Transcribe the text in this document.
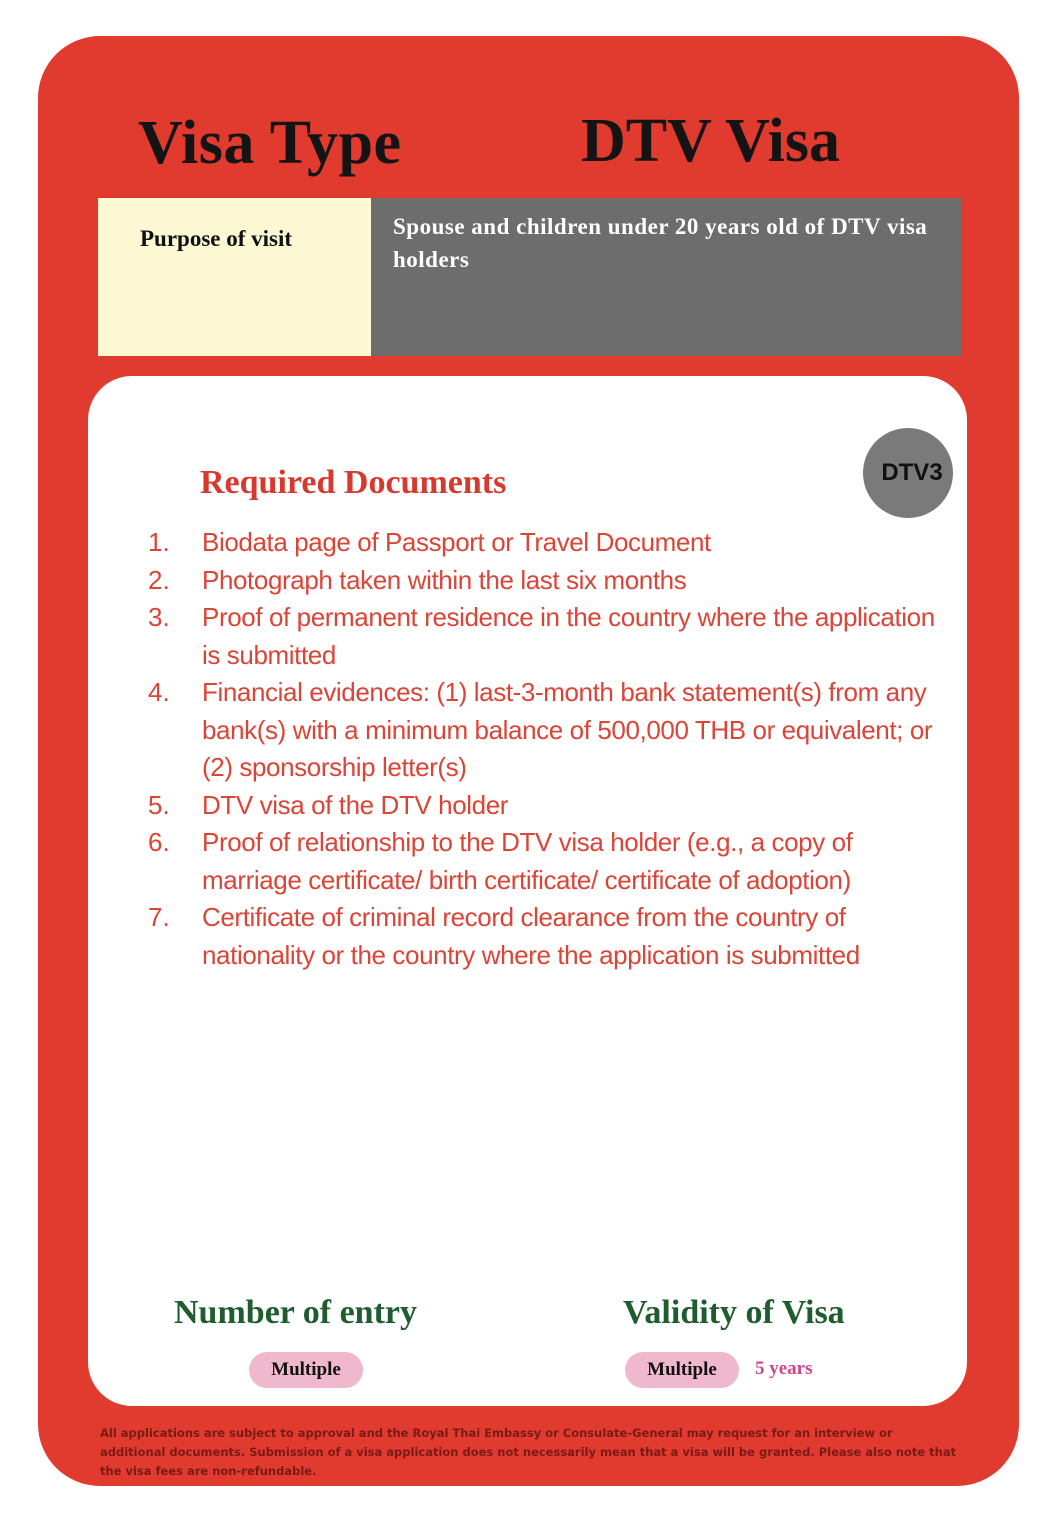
Visa Type	DTV Visa
Purpose of visit	Spouse and children under 20 years old of DTV visa holders
DTV3
Required Documents
1.	Biodata page of Passport or Travel Document
2.	Photograph taken within the last six months
3.	Proof of permanent residence in the country where the application is submitted
4.	Financial evidences: (1) last-3-month bank statement(s) from any bank(s) with a minimum balance of 500,000 THB or equivalent; or (2) sponsorship letter(s)
5.	DTV visa of the DTV holder
6.	Proof of relationship to the DTV visa holder (e.g., a copy of marriage certificate/ birth certificate/ certificate of adoption)
7.	Certificate of criminal record clearance from the country of nationality or the country where the application is submitted
Number of entry
Multiple
Validity of Visa
Multiple	5 years
All applications are subject to approval and the Royal Thai Embassy or Consulate-General may request for an interview or additional documents. Submission of a visa application does not necessarily mean that a visa will be granted. Please also note that the visa fees are non-refundable.
